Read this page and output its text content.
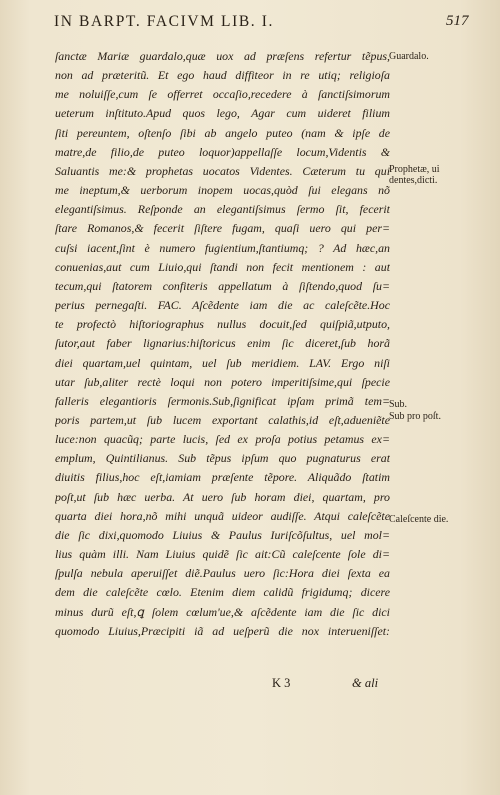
IN BARPT. FACIVM LIB. I.	517
ſanctæ Mariæ guardalo,quæ uox ad præſens refertur tẽpus,
non ad præteritũ. Et ego haud diffiteor in re utiq; religioſa
me noluiſſe,cum ſe offerret occaſio,recedere à ſanctiſsimorum
ueterum inſtituto.Apud quos lego, Agar cum uideret filium
ſiti pereuntem, oſtenſo ſibi ab angelo puteo (nam & ipſe de
matre,de filio,de puteo loquor)appellaſſe locum,Videntis &
Saluantis me:& prophetas uocatos Videntes. Cæterum tu qui
me ineptum,& uerborum inopem uocas,quòd ſui elegans nõ
elegantiſsimus. Reſponde an elegantiſsimus ſermo ſit, fecerit
ſtare Romanos,& fecerit ſiſtere fugam, quaſi uero qui per=
cuſsi iacent,ſint è numero fugientium,ſtantiumq; ? Ad hæc,an
conuenias,aut cum Liuio,qui ſtandi non fecit mentionem : aut
tecum,qui ſtatorem confiteris appellatum à ſiſtendo,quod ſu=
perius pernegaſti. FAC. Aſcẽdente iam die ac caleſcẽte.Hoc
te profectò hiſtoriographus nullus docuit,ſed quiſpiã,utputo,
ſutor,aut faber lignarius:hiſtoricus enim ſic diceret,ſub horã
diei quartam,uel quintam, uel ſub meridiem. LAV. Ergo niſi
utar ſub,aliter rectè loqui non potero imperitiſsime,qui ſpecie
falleris elegantioris ſermonis.Sub,ſignificat ipſam primã tem=
poris partem,ut ſub lucem exportant calathis,id eſt,adueniẽte
luce:non quacũq; parte lucis, ſed ex proſa potius petamus ex=
emplum, Quintilianus. Sub tẽpus ipſum quo pugnaturus erat
diuitis filius,hoc eſt,iamiam præſente tẽpore. Aliquãdo ſtatim
poſt,ut ſub hæc uerba. At uero ſub horam diei, quartam, pro
quarta diei hora,nõ mihi unquã uideor audiſſe. Atqui caleſcẽte
die ſic dixi,quomodo Liuius & Paulus Iuriſcõſultus, uel mol=
lius quàm illi. Nam Liuius quidẽ ſic ait:Cũ caleſcente ſole di=
ſpulſa nebula aperuiſſet diẽ.Paulus uero ſic:Hora diei ſexta ea
dem die caleſcẽte cœlo. Etenim diem calidũ frigidumq; dicere
minus durũ eſt,ꝗ ſolem cœlum'ue,& aſcẽdente iam die ſic dici
quomodo Liuius,Præcipiti iã ad ueſperũ die nox interueniſſet:
K 3	& ali
Guardalo.
Prophetæ, ui dentes,dicti.
Sub.
Sub pro poſt.
Caleſcente die.
